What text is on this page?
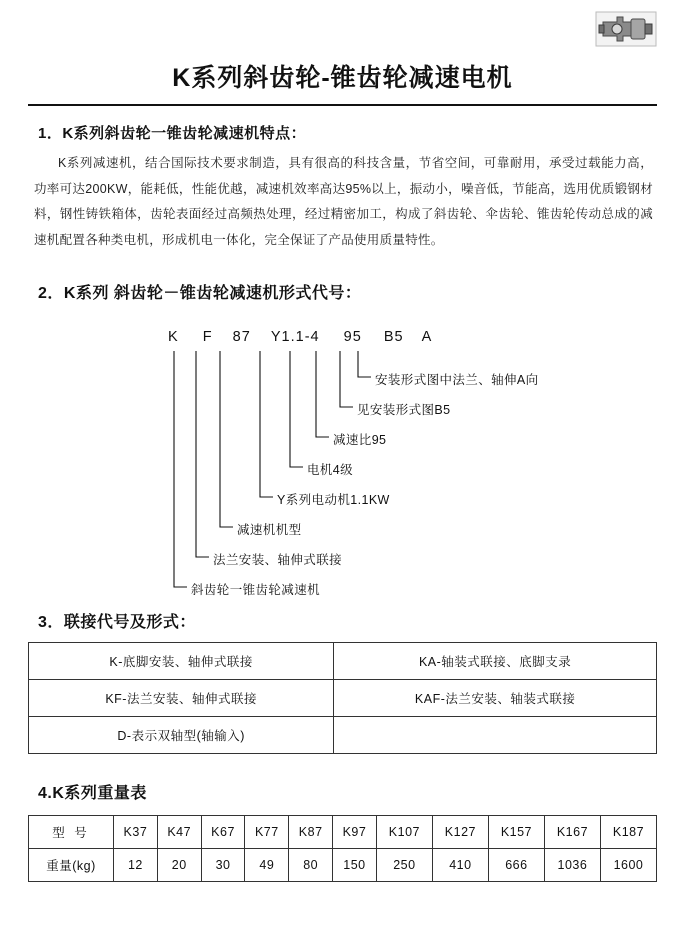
K系列斜齿轮-锥齿轮减速电机
1．K系列斜齿轮一锥齿轮减速机特点：

K系列减速机，结合国际技术要求制造，具有很高的科技含量，节省空间，可靠耐用，承受过载能力高，功率可达200KW，能耗低，性能优越，减速机效率高达95%以上，振动小，噪音低，节能高，选用优质锻钢材料，钢性铸铁箱体，齿轮表面经过高频热处理，经过精密加工，构成了斜齿轮、伞齿轮、锥齿轮传动总成的减速机配置各种类电机，形成机电一体化，完全保证了产品使用质量特性。

2．K系列 斜齿轮－锥齿轮减速机形式代号：
K F 87 Y1.1-4 95 B5 A
安装形式图中法兰、轴伸A向
见安装形式图B5
减速比95
电机4级
Y系列电动机1.1KW
减速机机型
法兰安装、轴伸式联接
斜齿轮一锥齿轮减速机
3．联接代号及形式：
K-底脚安装、轴伸式联接	KA-轴装式联接、底脚支录
KF-法兰安装、轴伸式联接	KAF-法兰安装、轴装式联接
D-表示双轴型(轴输入)	
4.K系列重量表
型 号	K37	K47	K67	K77	K87	K97	K107	K127	K157	K167	K187
重量(kg)	12	20	30	49	80	150	250	410	666	1036	1600
